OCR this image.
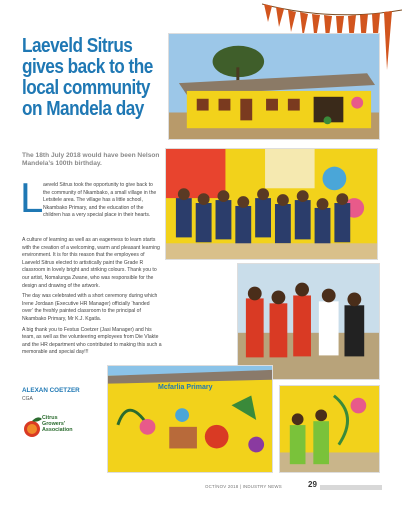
Laeveld Sitrus
gives back to the
local community
on Mandela day
The 18th July 2018 would have been Nelson Mandela’s 100th birthday.
L aeveld Sitrus took the opportunity to give back to the community of Nkambako, a small village in the Letsitele area. The village has a little school, Nkambako Primary, and the education of the children has a very special place in their hearts.

A culture of learning as well as an eagerness to learn starts with the creation of a welcoming, warm and pleasant learning environment. It is for this reason that the employees of Laeveld Sitrus elected to artistically paint the Grade R classroom in lovely bright and striking colours. Thank you to our artist, Nomalunga Zwane, who was responsible for the design and drawing of the artwork.

The day was celebrated with a short ceremony during which Irene Jordaan (Executive HR Manager) officially ‘handed over’ the freshly painted classroom to the principal of Nkambako Primary, Mr K.J. Kgatla.

A big thank you to Festus Coetzer (Jasi Manager) and his team, as well as the volunteering employees from Die Vlakte and the HR department who contributed to making this such a memorable and special day!!!

ALEXAN COETZER
CGA
Citrus
Growers’
Association
Mcfarlia Primary
OCT/NOV 2018 | INDUSTRY NEWS	29
